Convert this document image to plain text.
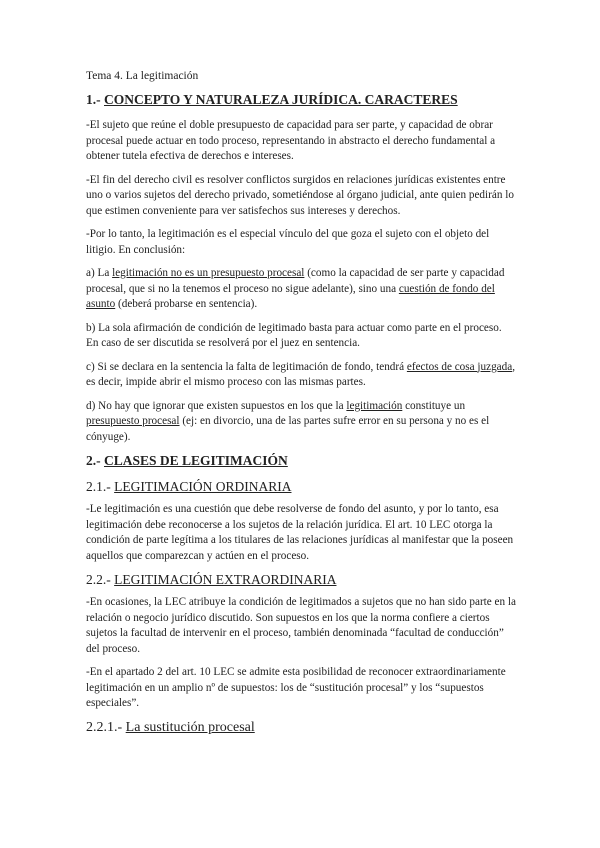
Tema 4. La legitimación
1.- CONCEPTO Y NATURALEZA JURÍDICA. CARACTERES

-El sujeto que reúne el doble presupuesto de capacidad para ser parte, y capacidad de obrar procesal puede actuar en todo proceso, representando in abstracto el derecho fundamental a obtener tutela efectiva de derechos e intereses.

-El fin del derecho civil es resolver conflictos surgidos en relaciones jurídicas existentes entre uno o varios sujetos del derecho privado, sometiéndose al órgano judicial, ante quien pedirán lo que estimen conveniente para ver satisfechos sus intereses y derechos.

-Por lo tanto, la legitimación es el especial vínculo del que goza el sujeto con el objeto del litigio. En conclusión:

a) La legitimación no es un presupuesto procesal (como la capacidad de ser parte y capacidad procesal, que si no la tenemos el proceso no sigue adelante), sino una cuestión de fondo del asunto (deberá probarse en sentencia).

b) La sola afirmación de condición de legitimado basta para actuar como parte en el proceso. En caso de ser discutida se resolverá por el juez en sentencia.

c) Si se declara en la sentencia la falta de legitimación de fondo, tendrá efectos de cosa juzgada, es decir, impide abrir el mismo proceso con las mismas partes.

d) No hay que ignorar que existen supuestos en los que la legitimación constituye un presupuesto procesal (ej: en divorcio, una de las partes sufre error en su persona y no es el cónyuge).

2.- CLASES DE LEGITIMACIÓN
2.1.- LEGITIMACIÓN ORDINARIA

-Le legitimación es una cuestión que debe resolverse de fondo del asunto, y por lo tanto, esa legitimación debe reconocerse a los sujetos de la relación jurídica. El art. 10 LEC otorga la condición de parte legítima a los titulares de las relaciones jurídicas al manifestar que la poseen aquellos que comparezcan y actúen en el proceso.

2.2.- LEGITIMACIÓN EXTRAORDINARIA

-En ocasiones, la LEC atribuye la condición de legitimados a sujetos que no han sido parte en la relación o negocio jurídico discutido. Son supuestos en los que la norma confiere a ciertos sujetos la facultad de intervenir en el proceso, también denominada “facultad de conducción” del proceso.

-En el apartado 2 del art. 10 LEC se admite esta posibilidad de reconocer extraordinariamente legitimación en un amplio nº de supuestos: los de “sustitución procesal” y los “supuestos especiales”.

2.2.1.- La sustitución procesal
